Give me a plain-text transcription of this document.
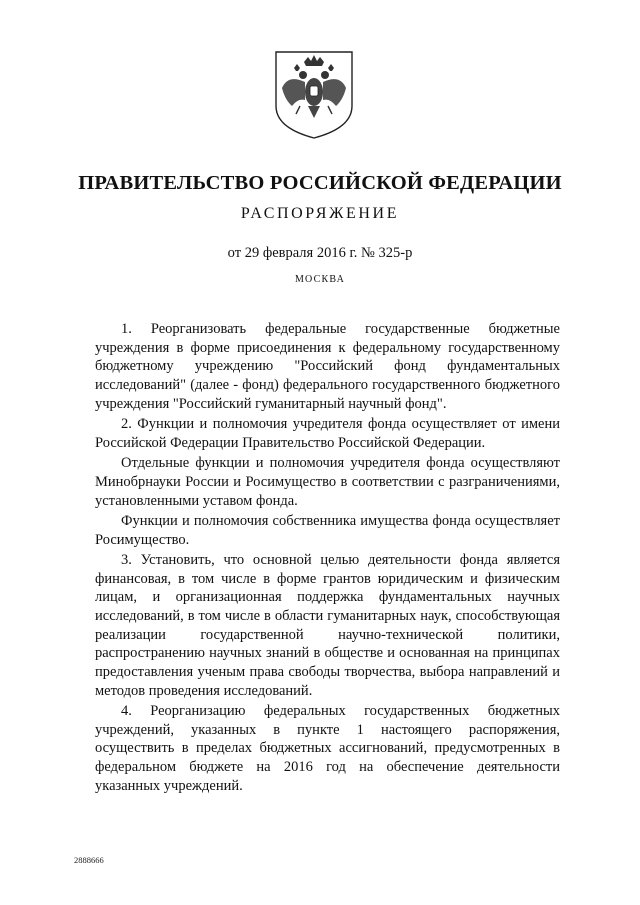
ПРАВИТЕЛЬСТВО РОССИЙСКОЙ ФЕДЕРАЦИИ
РАСПОРЯЖЕНИЕ
от 29 февраля 2016 г. № 325-р
МОСКВА

1. Реорганизовать федеральные государственные бюджетные учреждения в форме присоединения к федеральному государственному бюджетному учреждению "Российский фонд фундаментальных исследований" (далее - фонд) федерального государственного бюджетного учреждения "Российский гуманитарный научный фонд".

2. Функции и полномочия учредителя фонда осуществляет от имени Российской Федерации Правительство Российской Федерации.

Отдельные функции и полномочия учредителя фонда осуществляют Минобрнауки России и Росимущество в соответствии с разграничениями, установленными уставом фонда.

Функции и полномочия собственника имущества фонда осуществляет Росимущество.

3. Установить, что основной целью деятельности фонда является финансовая, в том числе в форме грантов юридическим и физическим лицам, и организационная поддержка фундаментальных научных исследований, в том числе в области гуманитарных наук, способствующая реализации государственной научно-технической политики, распространению научных знаний в обществе и основанная на принципах предоставления ученым права свободы творчества, выбора направлений и методов проведения исследований.

4. Реорганизацию федеральных государственных бюджетных учреждений, указанных в пункте 1 настоящего распоряжения, осуществить в пределах бюджетных ассигнований, предусмотренных в федеральном бюджете на 2016 год на обеспечение деятельности указанных учреждений.

2888666
